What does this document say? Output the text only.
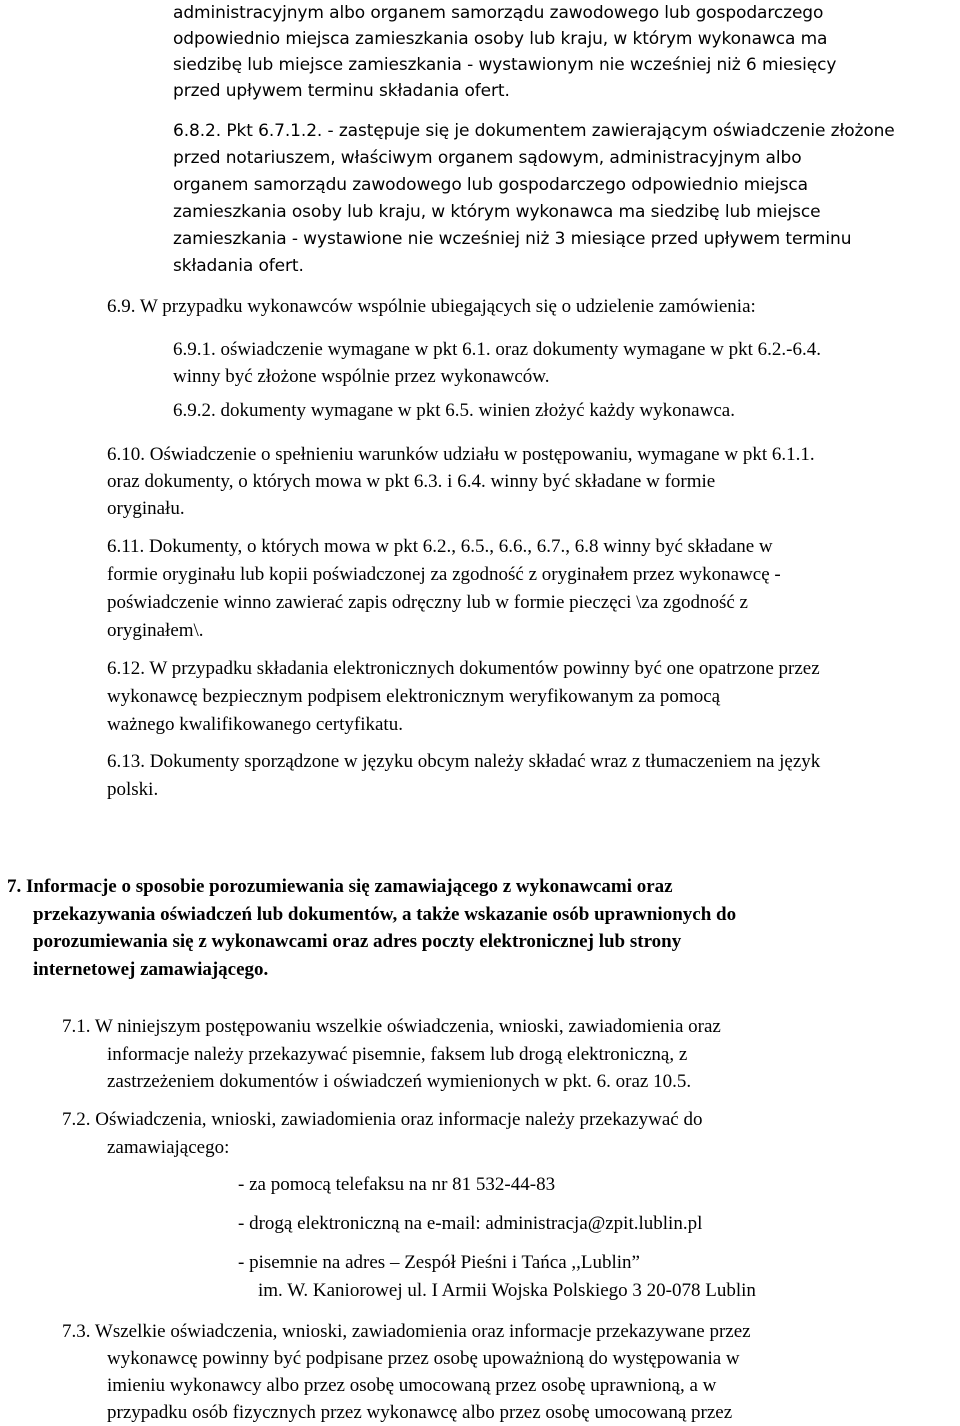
administracyjnym albo organem samorządu zawodowego lub gospodarczego
odpowiednio miejsca zamieszkania osoby lub kraju, w którym wykonawca ma
siedzibę lub miejsce zamieszkania - wystawionym nie wcześniej niż 6 miesięcy
przed upływem terminu składania ofert.
6.8.2. Pkt 6.7.1.2. - zastępuje się je dokumentem zawierającym oświadczenie złożone
przed notariuszem, właściwym organem sądowym, administracyjnym albo
organem samorządu zawodowego lub gospodarczego odpowiednio miejsca
zamieszkania osoby lub kraju, w którym wykonawca ma siedzibę lub miejsce
zamieszkania - wystawione nie wcześniej niż 3 miesiące przed upływem terminu
składania ofert.
6.9. W przypadku wykonawców wspólnie ubiegających się o udzielenie zamówienia:
6.9.1. oświadczenie wymagane w pkt 6.1. oraz dokumenty wymagane w pkt 6.2.-6.4.
winny być złożone wspólnie przez wykonawców.
6.9.2. dokumenty wymagane w pkt 6.5. winien złożyć każdy wykonawca.
6.10. Oświadczenie o spełnieniu warunków udziału w postępowaniu, wymagane w pkt 6.1.1.
oraz dokumenty, o których mowa w pkt 6.3. i 6.4. winny być składane w formie
oryginału.
6.11. Dokumenty, o których mowa w pkt 6.2., 6.5., 6.6., 6.7., 6.8 winny być składane w
formie oryginału lub kopii poświadczonej za zgodność z oryginałem przez wykonawcę -
poświadczenie winno zawierać zapis odręczny lub w formie pieczęci \za zgodność z
oryginałem\.
6.12. W przypadku składania elektronicznych dokumentów powinny być one opatrzone przez
wykonawcę bezpiecznym podpisem elektronicznym weryfikowanym za pomocą
ważnego kwalifikowanego certyfikatu.
6.13. Dokumenty sporządzone w języku obcym należy składać wraz z tłumaczeniem na język
polski.
7. Informacje o sposobie porozumiewania się zamawiającego z wykonawcami oraz
przekazywania oświadczeń lub dokumentów, a także wskazanie osób uprawnionych do
porozumiewania się z wykonawcami oraz adres poczty elektronicznej lub strony
internetowej zamawiającego.
7.1. W niniejszym postępowaniu wszelkie oświadczenia, wnioski, zawiadomienia oraz
informacje należy przekazywać pisemnie, faksem lub drogą elektroniczną, z
zastrzeżeniem dokumentów i oświadczeń wymienionych w pkt. 6. oraz 10.5.
7.2. Oświadczenia, wnioski, zawiadomienia oraz informacje należy przekazywać do
zamawiającego:
- za pomocą telefaksu na nr 81 532-44-83
- drogą elektroniczną na e-mail: administracja@zpit.lublin.pl
- pisemnie na adres – Zespół Pieśni i Tańca ,,Lublin”
im. W. Kaniorowej ul. I Armii Wojska Polskiego 3 20-078 Lublin
7.3. Wszelkie oświadczenia, wnioski, zawiadomienia oraz informacje przekazywane przez
wykonawcę powinny być podpisane przez osobę upoważnioną do występowania w
imieniu wykonawcy albo przez osobę umocowaną przez osobę uprawnioną, a w
przypadku osób fizycznych przez wykonawcę albo przez osobę umocowaną przez
